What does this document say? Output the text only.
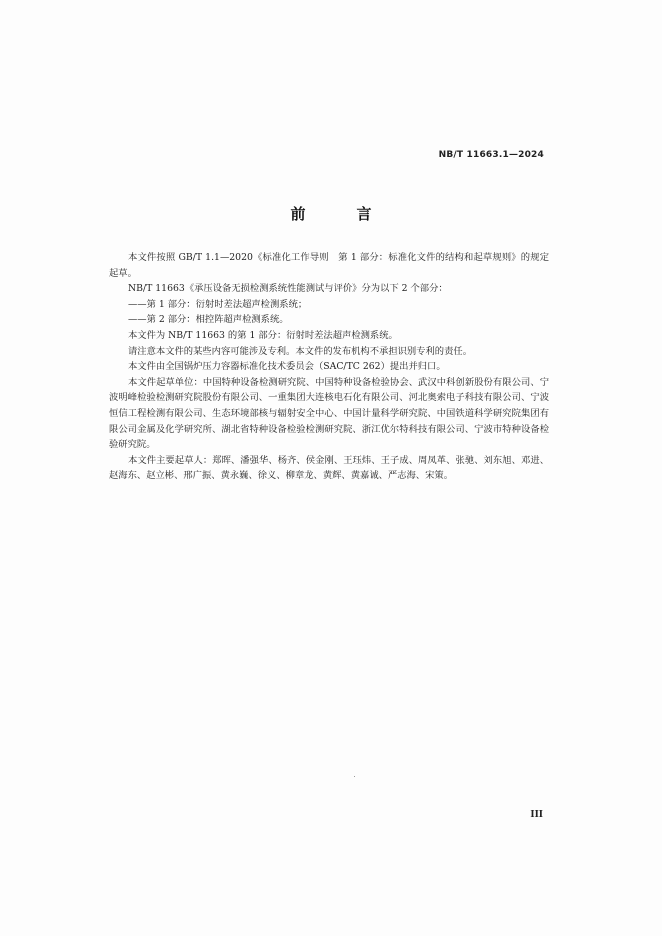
NB/T 11663.1—2024
前　言

本文件按照 GB/T 1.1—2020《标准化工作导则　第 1 部分：标准化文件的结构和起草规则》的规定起草。

NB/T 11663《承压设备无损检测系统性能测试与评价》分为以下 2 个部分：

——第 1 部分：衍射时差法超声检测系统；

——第 2 部分：相控阵超声检测系统。

本文件为 NB/T 11663 的第 1 部分：衍射时差法超声检测系统。

请注意本文件的某些内容可能涉及专利。本文件的发布机构不承担识别专利的责任。

本文件由全国锅炉压力容器标准化技术委员会（SAC/TC 262）提出并归口。

本文件起草单位：中国特种设备检测研究院、中国特种设备检验协会、武汉中科创新股份有限公司、宁波明峰检验检测研究院股份有限公司、一重集团大连核电石化有限公司、河北奥索电子科技有限公司、宁波恒信工程检测有限公司、生态环境部核与辐射安全中心、中国计量科学研究院、中国铁道科学研究院集团有限公司金属及化学研究所、湖北省特种设备检验检测研究院、浙江优尔特科技有限公司、宁波市特种设备检验研究院。

本文件主要起草人：郑晖、潘强华、杨齐、侯金刚、王珏炜、王子成、周凤革、张驰、刘东旭、邓进、赵海东、赵立彬、邢广振、黄永巍、徐义、柳章龙、黄辉、黄嘉诚、严志海、宋策。

III
